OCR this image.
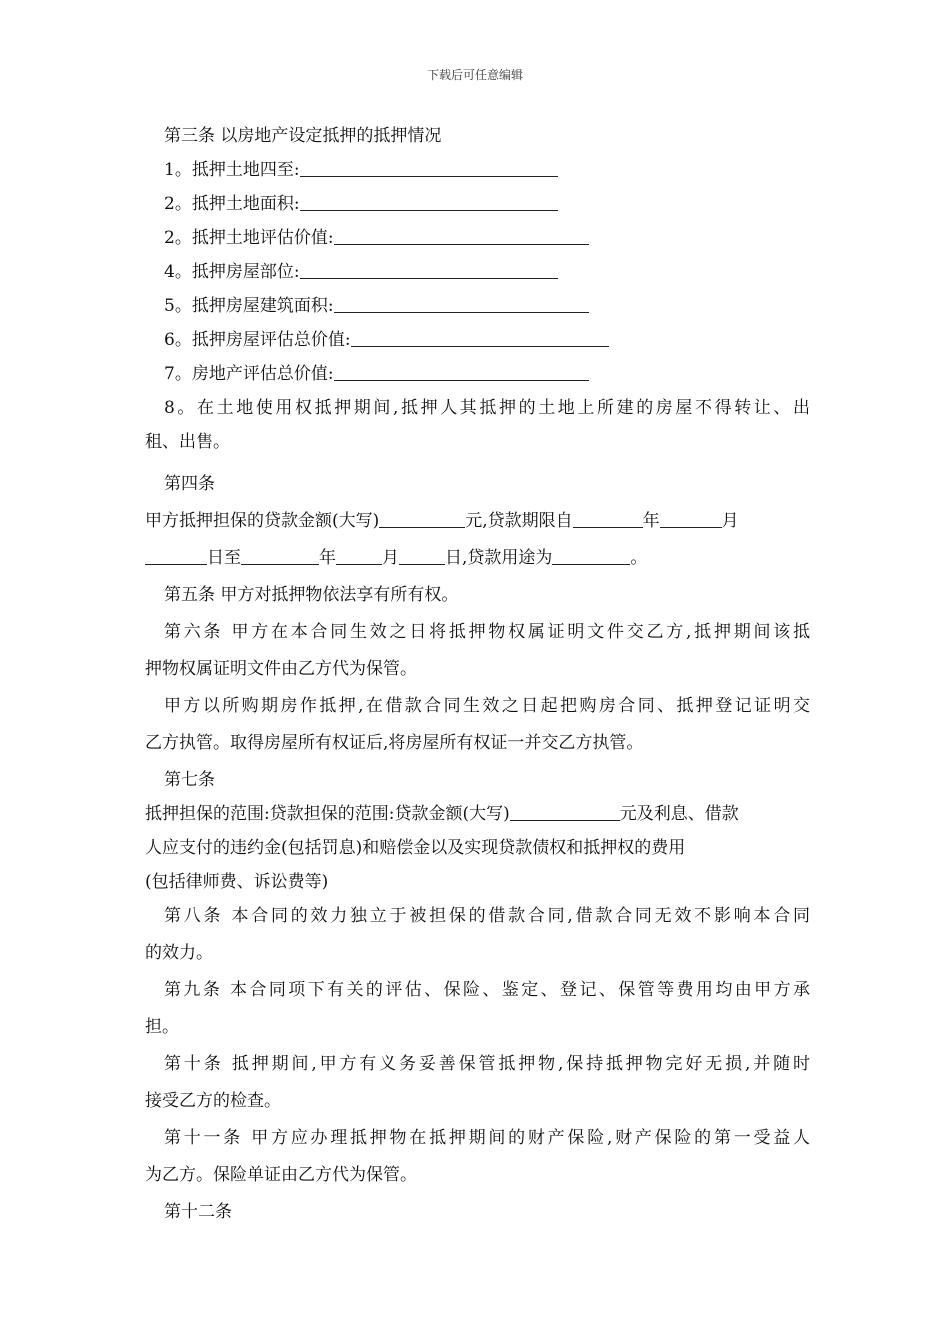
下载后可任意编辑
第三条 以房地产设定抵押的抵押情况
1。抵押土地四至:
2。抵押土地面积:
2。抵押土地评估价值:
4。抵押房屋部位:
5。抵押房屋建筑面积:
6。抵押房屋评估总价值:
7。房地产评估总价值:
8。在土地使用权抵押期间,抵押人其抵押的土地上所建的房屋不得转让、出
租、出售。
第四条
甲方抵押担保的贷款金额(大写)	元,贷款期限自	年	月
日至	年	月	日,贷款用途为	。
第五条 甲方对抵押物依法享有所有权。
第六条 甲方在本合同生效之日将抵押物权属证明文件交乙方,抵押期间该抵
押物权属证明文件由乙方代为保管。
甲方以所购期房作抵押,在借款合同生效之日起把购房合同、抵押登记证明交
乙方执管。取得房屋所有权证后,将房屋所有权证一并交乙方执管。
第七条
抵押担保的范围:贷款担保的范围:贷款金额(大写)	元及利息、借款
人应支付的违约金(包括罚息)和赔偿金以及实现贷款债权和抵押权的费用
(包括律师费、诉讼费等)
第八条 本合同的效力独立于被担保的借款合同,借款合同无效不影响本合同
的效力。
第九条 本合同项下有关的评估、保险、鉴定、登记、保管等费用均由甲方承
担。
第十条 抵押期间,甲方有义务妥善保管抵押物,保持抵押物完好无损,并随时
接受乙方的检查。
第十一条 甲方应办理抵押物在抵押期间的财产保险,财产保险的第一受益人
为乙方。保险单证由乙方代为保管。
第十二条
